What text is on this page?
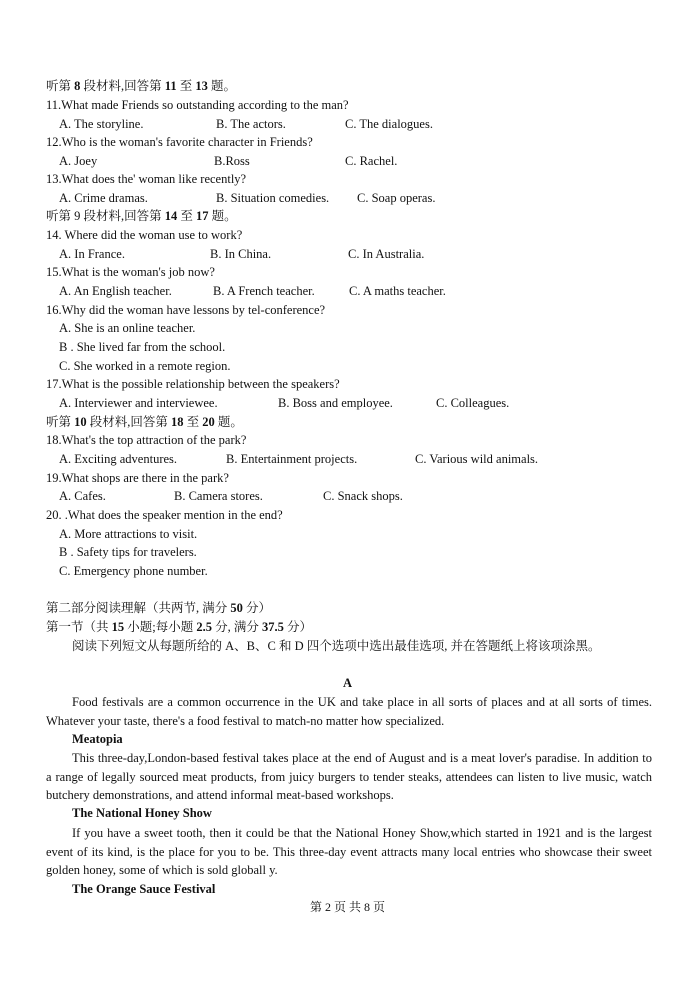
听第 8 段材料,回答第 11 至 13 题。
11.What made Friends so outstanding according to the man?
A. The storyline.	B. The actors.	C. The dialogues.
12.Who is the woman's favorite character in Friends?
A. Joey	B.Ross	C. Rachel.
13.What does the' woman like recently?
A. Crime dramas.	B. Situation comedies. C. Soap operas.
听第 9 段材料,回答第 14 至 17 题。
14. Where did the woman use to work?
A. In France.	B. In China.	C. In Australia.
15.What is the woman's job now?
A. An English teacher.	B. A French teacher.	C. A maths teacher.
16.Why did the woman have lessons by tel-conference?
A. She is an online teacher.
B . She lived far from the school.
C. She worked in a remote region.
17.What is the possible relationship between the speakers?
A. Interviewer and interviewee.	B. Boss and employee.	C. Colleagues.
听第 10 段材料,回答第 18 至 20 题。
18.What's the top attraction of the park?
A. Exciting adventures.	B. Entertainment projects.	C. Various wild animals.
19.What shops are there in the park?
A. Cafes.	B. Camera stores.	C. Snack shops.
20. .What does the speaker mention in the end?
A. More attractions to visit.
B . Safety tips for travelers.
C. Emergency phone number.
第二部分阅读理解（共两节, 满分 50 分）
第一节（共 15 小题;每小题 2.5 分, 满分 37.5 分）
阅读下列短文从每题所给的 A、B、C 和 D 四个选项中选出最佳选项, 并在答题纸上将该项涂黑。
A
Food festivals are a common occurrence in the UK and take place in all sorts of places and at all sorts of times. Whatever your taste, there's a food festival to match-no matter how specialized.
Meatopia
This three-day,London-based festival takes place at the end of August and is a meat lover's paradise. In addition to a range of legally sourced meat products, from juicy burgers to tender steaks, attendees can listen to live music, watch butchery demonstrations, and attend informal meat-based workshops.
The National Honey Show
If you have a sweet tooth, then it could be that the National Honey Show,which started in 1921 and is the largest event of its kind, is the place for you to be. This three-day event attracts many local entries who showcase their sweet golden honey, some of which is sold globall y.
The Orange Sauce Festival
第 2 页 共 8 页
